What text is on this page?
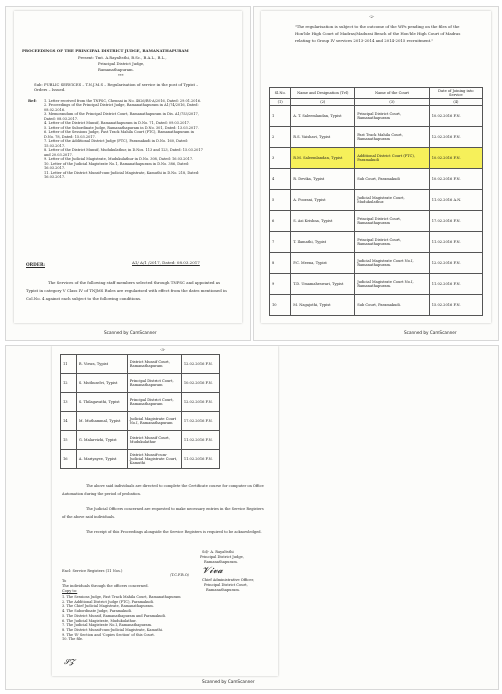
PROCEEDINGS OF THE PRINCIPAL DISTRICT JUDGE, RAMANATHAPURAM
Present: Tmt. A.Rayaltsthi, B.Sc., B.A.L., B.L.,
Principal District Judge,
Ramanathapuram.
***
Sub: PUBLIC SERVICES – T.N.J.M.S – Regularisation of service in the post of Typist – Orders – Issued.
Ref: 1. Letter received from the TNPSC, Chennai in No. 4826/RS-A/2016, Dated: 29.01.2016.
2. Proceedings of the Principal District Judge, Ramanathapuram in A1/74/2016, Dated: 08.02.2016.
3. Memorandum of the Principal District Court, Ramanathapuram in Dis. A1/753/2017, Dated: 08.03.2017.
4. Letter of the District Munsif, Ramanathapuram in D.No. 71, Dated: 09.03.2017.
5. Letter of the Subordinate Judge, Ramanathapuram in D.No. 301, Dated: 13.03.2017.
6. Letter of the Sessions Judge, Fast Track Mahila Court (FTC), Ramanathapuram in D.No. 78, Dated: 15.03.2017.
7. Letter of the Additional District Judge (FTC), Paramakudi in D.No. 160, Dated: 15.03.2017.
8. Letter of the District Munsif, Mudukulathur, in D.Nos. 113 and 123, Dated: 15.03.2017 and 20.03.2017.
9. Letter of the Judicial Magistrate, Mudukulathur in D.No. 308, Dated: 16.03.2017.
10. Letter of the Judicial Magistrate No.1, Ramanathapuram in D.No. 386, Dated: 16.03.2017.
11. Letter of the District Munsif-cum-Judicial Magistrate, Kamuthi in D.No. 218, Dated: 16.03.2017.
ORDER:	A1/ A/1 /2017, Dated: 08.03.2017
The Services of the following staff members selected through TNPSC and appointed as Typist in category V Class IV of TNJMS Rules are regularised with effect from the dates mentioned in Col.No. 4 against each subject to the following conditions.
Scanned by CamScanner
-2-
"The regularisation is subject to the outcome of the WPs pending on the files of the Hon'ble High Court of Madras/Madurai Bench of the Hon'ble High Court of Madras relating to Group IV services 2013-2014 and 2014-2015 recruitment."
Sl.No.	Name and Designation (Tvl)	Name of the Court	Date of Joining into Service
(1)	(2)	(3)	(4)
1	A. T. Saleemlandan, Typist	Principal District Court, Ramanathapuram	10.02.2016 F.N.
2	R.S. Vaishavi, Typist	Fast Track Mahila Court, Ramanathapuram	12.02.2016 F.N.
3	R.M. Saleemlandan, Typist	Additional District Court (FTC), Paramakudi	10.02.2016 F.N.
4	R. Devika, Typist	Sub Court, Paramakudi	10.02.2016 F.N.
5	A. Poorani, Typist	Judicial Magistrate Court, Mudukulathur.	11.02.2016 A.N.
6	S. Asi Krishna, Typist	Principal District Court, Ramanathapuram	17.02.2016 F.N.
7	T. Ilamathi, Typist	Principal District Court, Ramanathapuram.	11.02.2016 F.N.
8	P.C. Meena, Typist	Judicial Magistrate Court No.I, Ramanathapuram.	12.02.2016 F.N.
9	T.D. Umamaheswari, Typist	Judicial Magistrate Court No.I, Ramanathapuram.	11.02.2016 F.N.
10	M. Nagajothi, Typist	Sub Court, Paramakudi.	15.02.2016 F.N.
Scanned by CamScanner
-3-
11	R. Viswa, Typist	District Munsif Court, Ramanathapuram	12.02.2016 F.N.
12	S. Muthuselvi, Typist	Principal District Court, Ramanathapuram	10.02.2016 F.N.
13	S. Thilagavathi, Typist	Principal District Court, Ramanathapuram	12.02.2016 F.N.
14	M. Muthammal, Typist	Judicial Magistrate Court No.I, Ramanathapuram	17.02.2016 F.N.
15	G. Malarvizhi, Typist	District Munsif Court, Mudukulathur	11.02.2016 F.N.
16	A. Mariyayee, Typist	District Munsif-cum-Judicial Magistrate Court, Kamuthi	11.02.2016 F.N.
The above said individuals are directed to complete the Certificate course for computer on Office Automation during the period of probation.
The Judicial Officers concerned are requested to make necessary entries in the Service Registers of the above said individuals.
The receipt of this Proceedings alongside the Service Registers is required to be acknowledged.
Sd/- A. Rayaltsthi
Principal District Judge,
Ramanathapuram.
Encl: Service Registers (11 Nos.)
/T.C.F.B.O/ 𝓥𝓲𝓿𝓪
Chief Administrative Officer,
Principal District Court,
Ramanathapuram.
To
The individuals through the officers concerned.
Copy to:
1. The Sessions Judge, Fast Track Mahila Court, Ramanathapuram
2. The Additional District Judge (FTC), Paramakudi.
3. The Chief Judicial Magistrate, Ramanathapuram.
4. The Subordinate Judge, Paramakudi.
5. The District Munsif, Ramanathapuram and Paramakudi.
6. The Judicial Magistrate, Mudukulathur.
7. The Judicial Magistrate No.I, Ramanathapuram.
8. The District Munsif-cum-Judicial Magistrate, Kamuthi.
9. The 'B' Section and 'Copies Section' of this Court.
10. The file.
𝓢𝓩
Scanned by CamScanner
